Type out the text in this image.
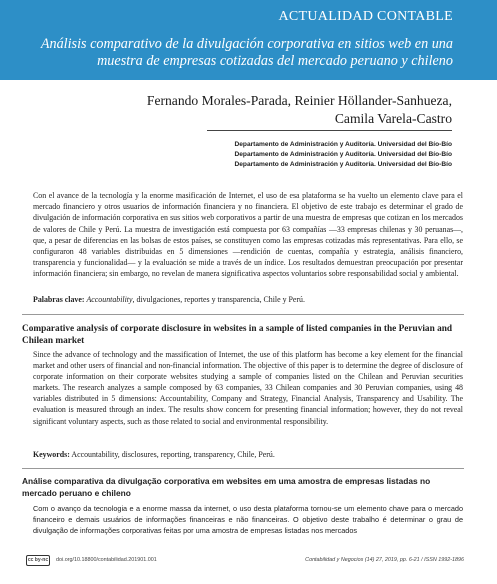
ACTUALIDAD CONTABLE
Análisis comparativo de la divulgación corporativa en sitios web en una muestra de empresas cotizadas del mercado peruano y chileno
Fernando Morales-Parada, Reinier Höllander-Sanhueza,
Camila Varela-Castro
Departamento de Administración y Auditoría. Universidad del Bío-Bío
Departamento de Administración y Auditoría. Universidad del Bío-Bío
Departamento de Administración y Auditoría. Universidad del Bío-Bío
Con el avance de la tecnología y la enorme masificación de Internet, el uso de esa plataforma se ha vuelto un elemento clave para el mercado financiero y otros usuarios de información financiera y no financiera. El objetivo de este trabajo es determinar el grado de divulgación de información corporativa en sus sitios web corporativos a partir de una muestra de empresas que cotizan en los mercados de valores de Chile y Perú. La muestra de investigación está compuesta por 63 compañías —33 empresas chilenas y 30 peruanas—, que, a pesar de diferencias en las bolsas de estos países, se constituyen como las empresas cotizadas más representativas. Para ello, se configuraron 48 variables distribuidas en 5 dimensiones —rendición de cuentas, compañía y estrategia, análisis financiero, transparencia y funcionalidad— y la evaluación se mide a través de un índice. Los resultados demuestran preocupación por presentar información financiera; sin embargo, no revelan de manera significativa aspectos voluntarios sobre responsabilidad social y ambiental.
Palabras clave: Accountability, divulgaciones, reportes y transparencia, Chile y Perú.
Comparative analysis of corporate disclosure in websites in a sample of listed companies in the Peruvian and Chilean market
Since the advance of technology and the massification of Internet, the use of this platform has become a key element for the financial market and other users of financial and non-financial information. The objective of this paper is to determine the degree of disclosure of corporate information on their corporate websites studying a sample of companies listed on the Chilean and Peruvian securities markets. The research analyzes a sample composed by 63 companies, 33 Chilean companies and 30 Peruvian companies, using 48 variables distributed in 5 dimensions: Accountability, Company and Strategy, Financial Analysis, Transparency and Usability. The evaluation is measured through an index. The results show concern for presenting financial information; however, they do not reveal significant voluntary aspects, such as those related to social and environmental responsibility.
Keywords: Accountability, disclosures, reporting, transparency, Chile, Perú.
Análise comparativa da divulgação corporativa em websites em uma amostra de empresas listadas no mercado peruano e chileno
Com o avanço da tecnologia e a enorme massa da internet, o uso desta plataforma tornou-se um elemento chave para o mercado financeiro e demais usuários de informações financeiras e não financeiras. O objetivo deste trabalho é determinar o grau de divulgação de informações corporativas feitas por uma amostra de empresas listadas nos mercados
cc by-nc	doi.org/10.18800/contabilidad.201901.001	Contabilidad y Negocios (14) 27, 2019, pp. 6-21 / ISSN 1992-1896
